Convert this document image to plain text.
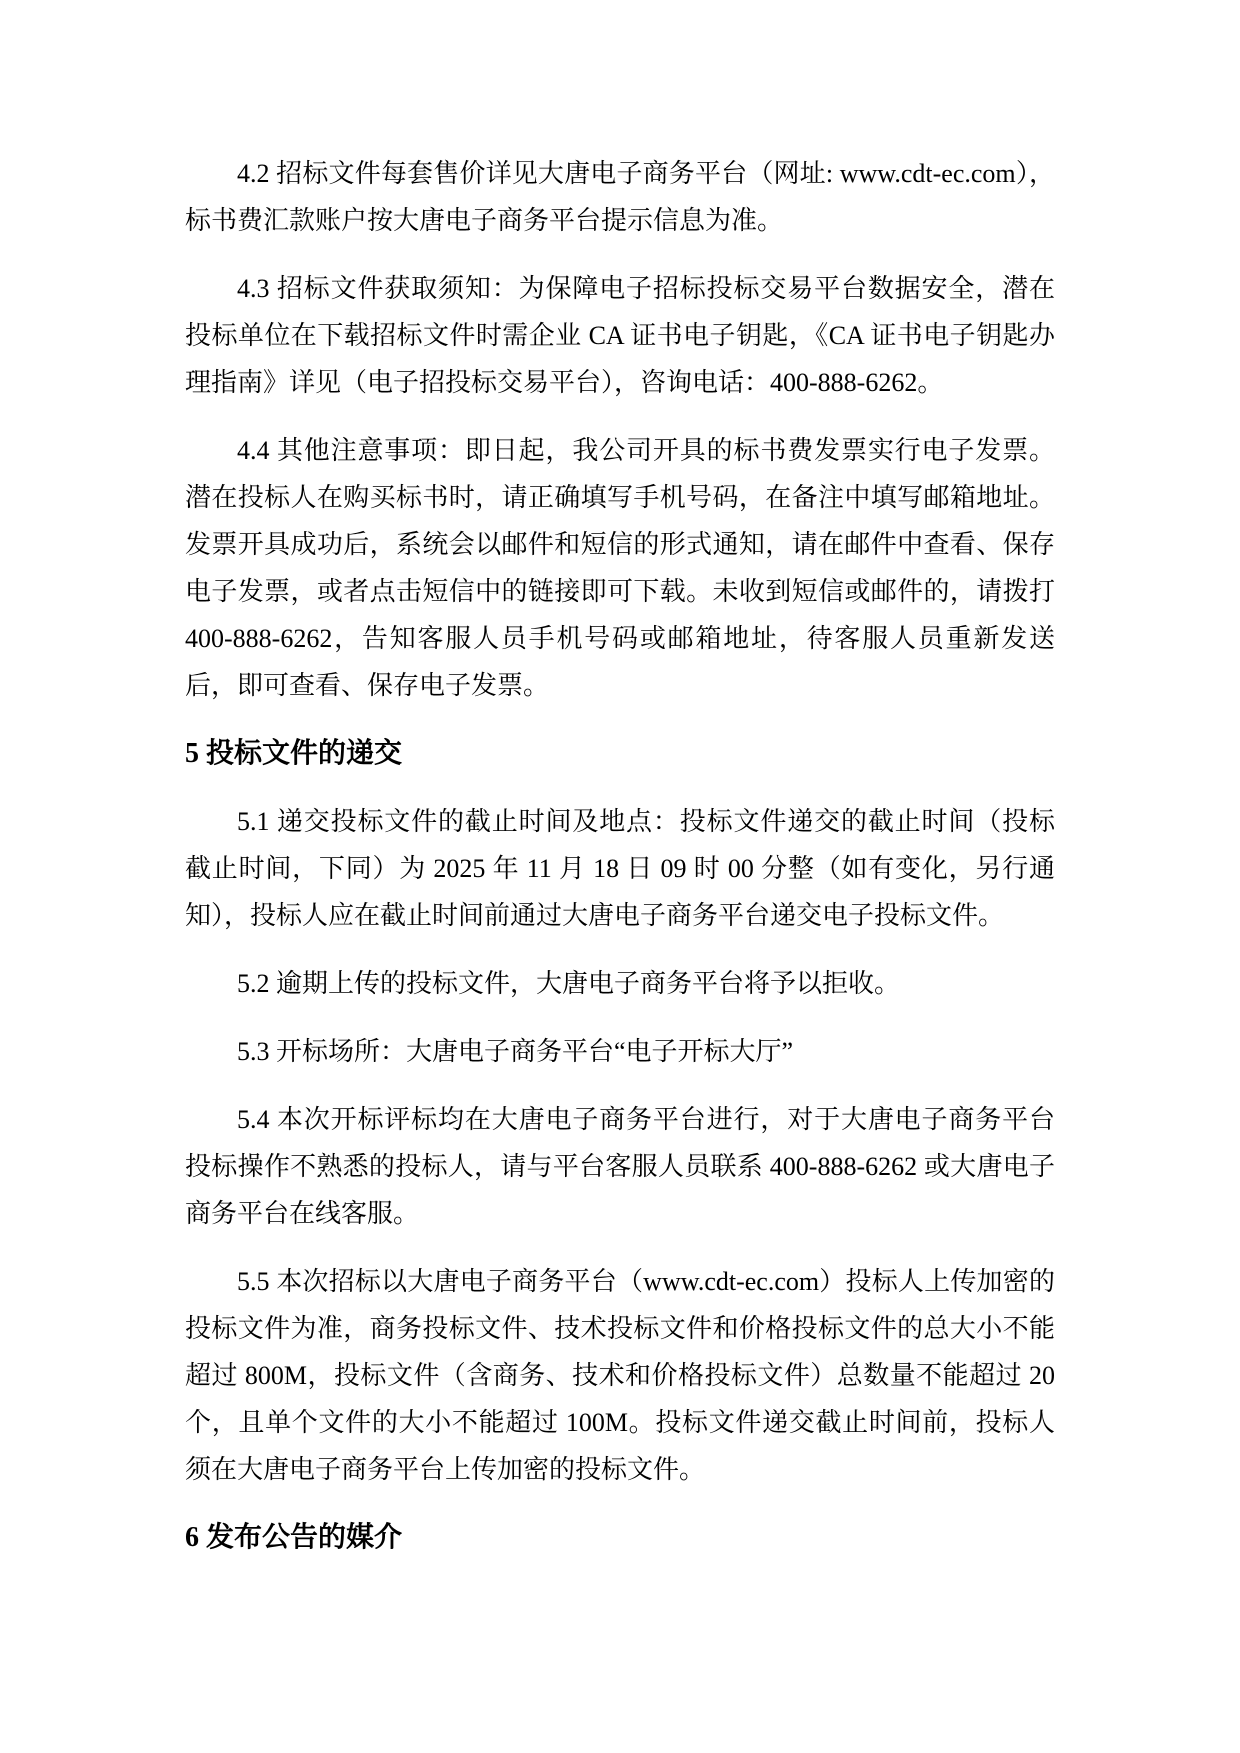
4.2 招标文件每套售价详见大唐电子商务平台（网址: www.cdt-ec.com），标书费汇款账户按大唐电子商务平台提示信息为准。

4.3 招标文件获取须知：为保障电子招标投标交易平台数据安全，潜在投标单位在下载招标文件时需企业 CA 证书电子钥匙，《CA 证书电子钥匙办理指南》详见（电子招投标交易平台），咨询电话：400-888-6262。

4.4 其他注意事项：即日起，我公司开具的标书费发票实行电子发票。潜在投标人在购买标书时，请正确填写手机号码，在备注中填写邮箱地址。发票开具成功后，系统会以邮件和短信的形式通知，请在邮件中查看、保存电子发票，或者点击短信中的链接即可下载。未收到短信或邮件的，请拨打 400-888-6262，告知客服人员手机号码或邮箱地址，待客服人员重新发送后，即可查看、保存电子发票。

5 投标文件的递交

5.1 递交投标文件的截止时间及地点：投标文件递交的截止时间（投标截止时间，下同）为 2025 年 11 月 18 日 09 时 00 分整（如有变化，另行通知），投标人应在截止时间前通过大唐电子商务平台递交电子投标文件。

5.2 逾期上传的投标文件，大唐电子商务平台将予以拒收。

5.3 开标场所：大唐电子商务平台“电子开标大厅”

5.4 本次开标评标均在大唐电子商务平台进行，对于大唐电子商务平台投标操作不熟悉的投标人，请与平台客服人员联系 400-888-6262 或大唐电子商务平台在线客服。

5.5 本次招标以大唐电子商务平台（www.cdt-ec.com）投标人上传加密的投标文件为准，商务投标文件、技术投标文件和价格投标文件的总大小不能超过 800M，投标文件（含商务、技术和价格投标文件）总数量不能超过 20 个，且单个文件的大小不能超过 100M。投标文件递交截止时间前，投标人须在大唐电子商务平台上传加密的投标文件。

6 发布公告的媒介
